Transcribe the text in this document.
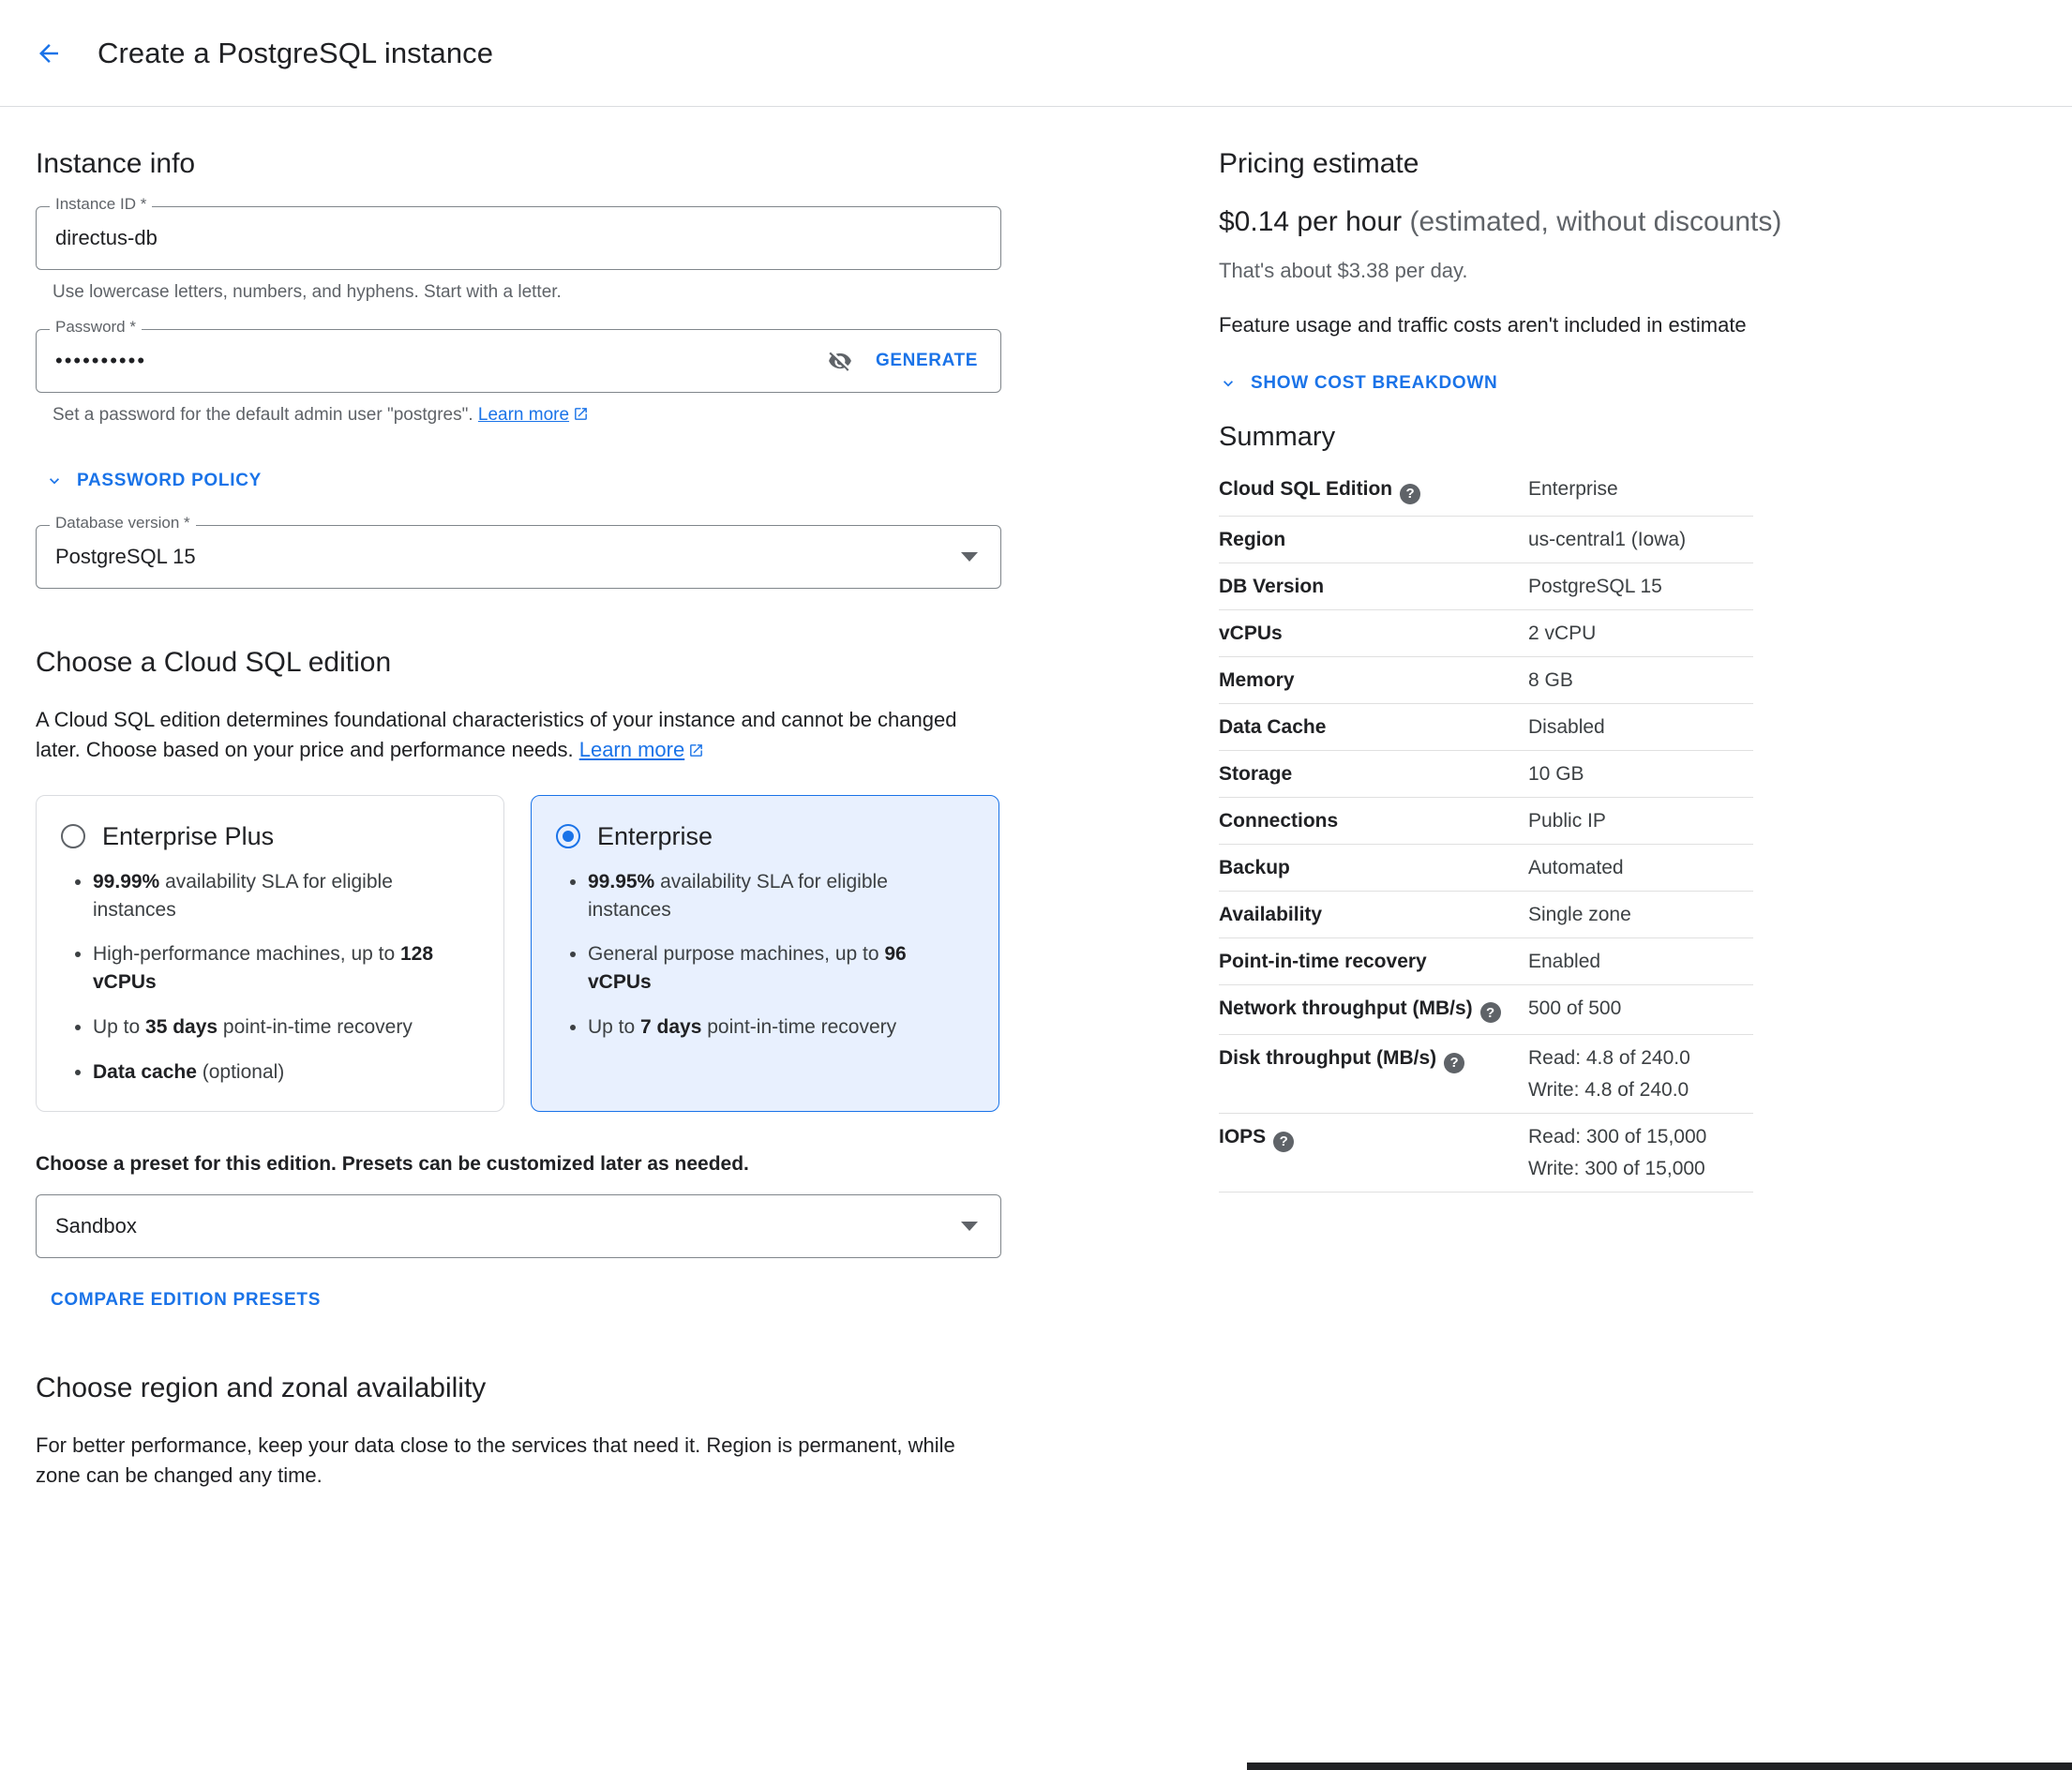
Create a PostgreSQL instance
Instance info
Instance ID *
directus-db
Use lowercase letters, numbers, and hyphens. Start with a letter.
Password *
••••••••••	GENERATE
Set a password for the default admin user "postgres". Learn more
PASSWORD POLICY
Database version *
PostgreSQL 15
Choose a Cloud SQL edition

A Cloud SQL edition determines foundational characteristics of your instance and cannot be changed later. Choose based on your price and performance needs. Learn more

Enterprise Plus
• 99.99% availability SLA for eligible instances
• High-performance machines, up to 128 vCPUs
• Up to 35 days point-in-time recovery
• Data cache (optional)
Enterprise
• 99.95% availability SLA for eligible instances
• General purpose machines, up to 96 vCPUs
• Up to 7 days point-in-time recovery
Choose a preset for this edition. Presets can be customized later as needed.
Sandbox
COMPARE EDITION PRESETS
Choose region and zonal availability

For better performance, keep your data close to the services that need it. Region is permanent, while zone can be changed any time.

Pricing estimate

$0.14 per hour (estimated, without discounts)

That's about $3.38 per day.

Feature usage and traffic costs aren't included in estimate

SHOW COST BREAKDOWN
Summary
Cloud SQL Edition ?	Enterprise
Region	us-central1 (Iowa)
DB Version	PostgreSQL 15
vCPUs	2 vCPU
Memory	8 GB
Data Cache	Disabled
Storage	10 GB
Connections	Public IP
Backup	Automated
Availability	Single zone
Point-in-time recovery	Enabled
Network throughput (MB/s) ?	500 of 500
Disk throughput (MB/s) ?	Read: 4.8 of 240.0
Write: 4.8 of 240.0

IOPS ?	Read: 300 of 15,000
Write: 300 of 15,000
